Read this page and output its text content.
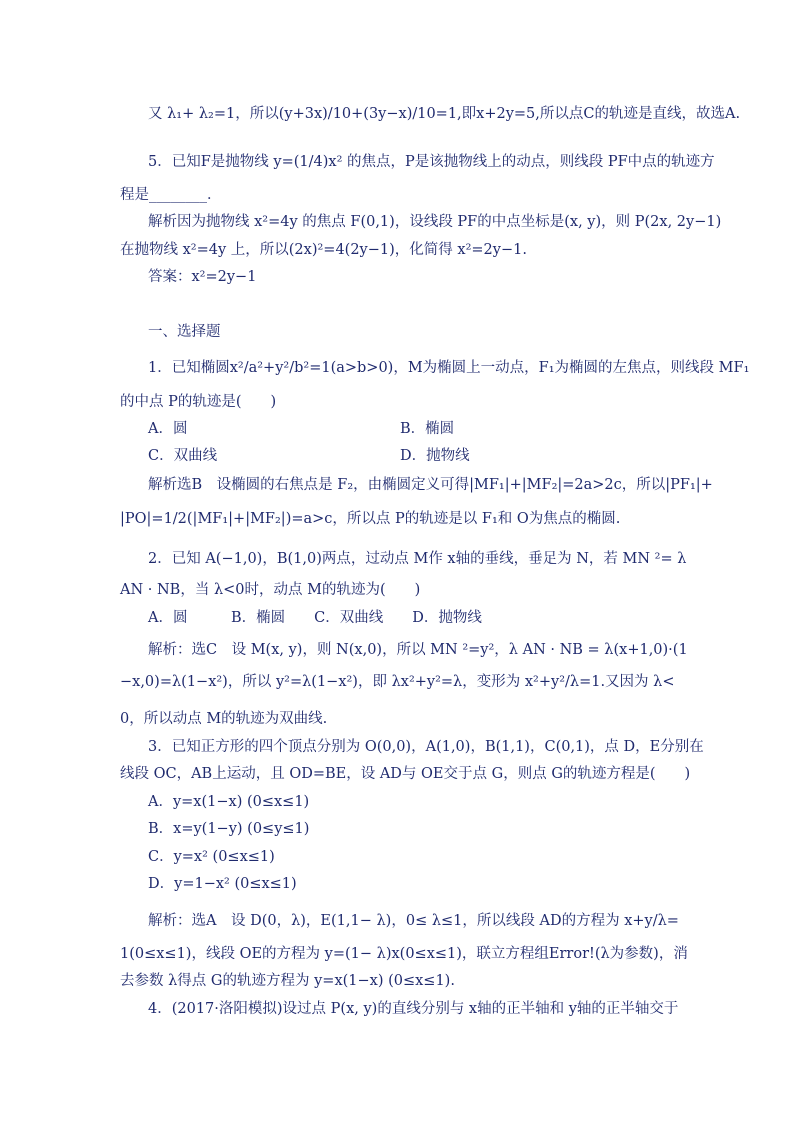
又 λ₁+ λ₂=1，所以(y+3x)/10+(3y−x)/10=1,即x+2y=5,所以点C的轨迹是直线，故选A.
5．已知F是抛物线 y=(1/4)x² 的焦点，P是该抛物线上的动点，则线段 PF中点的轨迹方
程是________．
解析因为抛物线 x²=4y 的焦点 F(0,1)，设线段 PF的中点坐标是(x, y)，则 P(2x, 2y−1)
在抛物线 x²=4y 上，所以(2x)²=4(2y−1)，化简得 x²=2y−1.
答案：x²=2y−1
一、选择题
1．已知椭圆x²/a²+y²/b²=1(a>b>0)，M为椭圆上一动点，F₁为椭圆的左焦点，则线段 MF₁
的中点 P的轨迹是(　　)
A．圆	B．椭圆
C．双曲线	D．抛物线
解析选B　设椭圆的右焦点是 F₂，由椭圆定义可得|MF₁|+|MF₂|=2a>2c，所以|PF₁|+
|PO|=1/2(|MF₁|+|MF₂|)=a>c，所以点 P的轨迹是以 F₁和 O为焦点的椭圆.
2．已知 A(−1,0)，B(1,0)两点，过动点 M作 x轴的垂线，垂足为 N，若 MN ²= λ
AN · NB，当 λ<0时，动点 M的轨迹为(　　)
A．圆　　　B．椭圆　　C．双曲线　　D．抛物线
解析：选C　设 M(x, y)，则 N(x,0)，所以 MN ²=y²，λ AN · NB = λ(x+1,0)·(1
−x,0)=λ(1−x²)，所以 y²=λ(1−x²)，即 λx²+y²=λ，变形为 x²+y²/λ=1.又因为 λ<
0，所以动点 M的轨迹为双曲线.
3．已知正方形的四个顶点分别为 O(0,0)，A(1,0)，B(1,1)，C(0,1)，点 D，E分别在
线段 OC，AB上运动，且 OD=BE，设 AD与 OE交于点 G，则点 G的轨迹方程是(　　)
A．y=x(1−x) (0≤x≤1)
B．x=y(1−y) (0≤y≤1)
C．y=x² (0≤x≤1)
D．y=1−x² (0≤x≤1)
解析：选A　设 D(0，λ)，E(1,1− λ)，0≤ λ≤1，所以线段 AD的方程为 x+y/λ=
1(0≤x≤1)，线段 OE的方程为 y=(1− λ)x(0≤x≤1)，联立方程组Error!(λ为参数)，消
去参数 λ得点 G的轨迹方程为 y=x(1−x) (0≤x≤1).
4．(2017·洛阳模拟)设过点 P(x, y)的直线分别与 x轴的正半轴和 y轴的正半轴交于
